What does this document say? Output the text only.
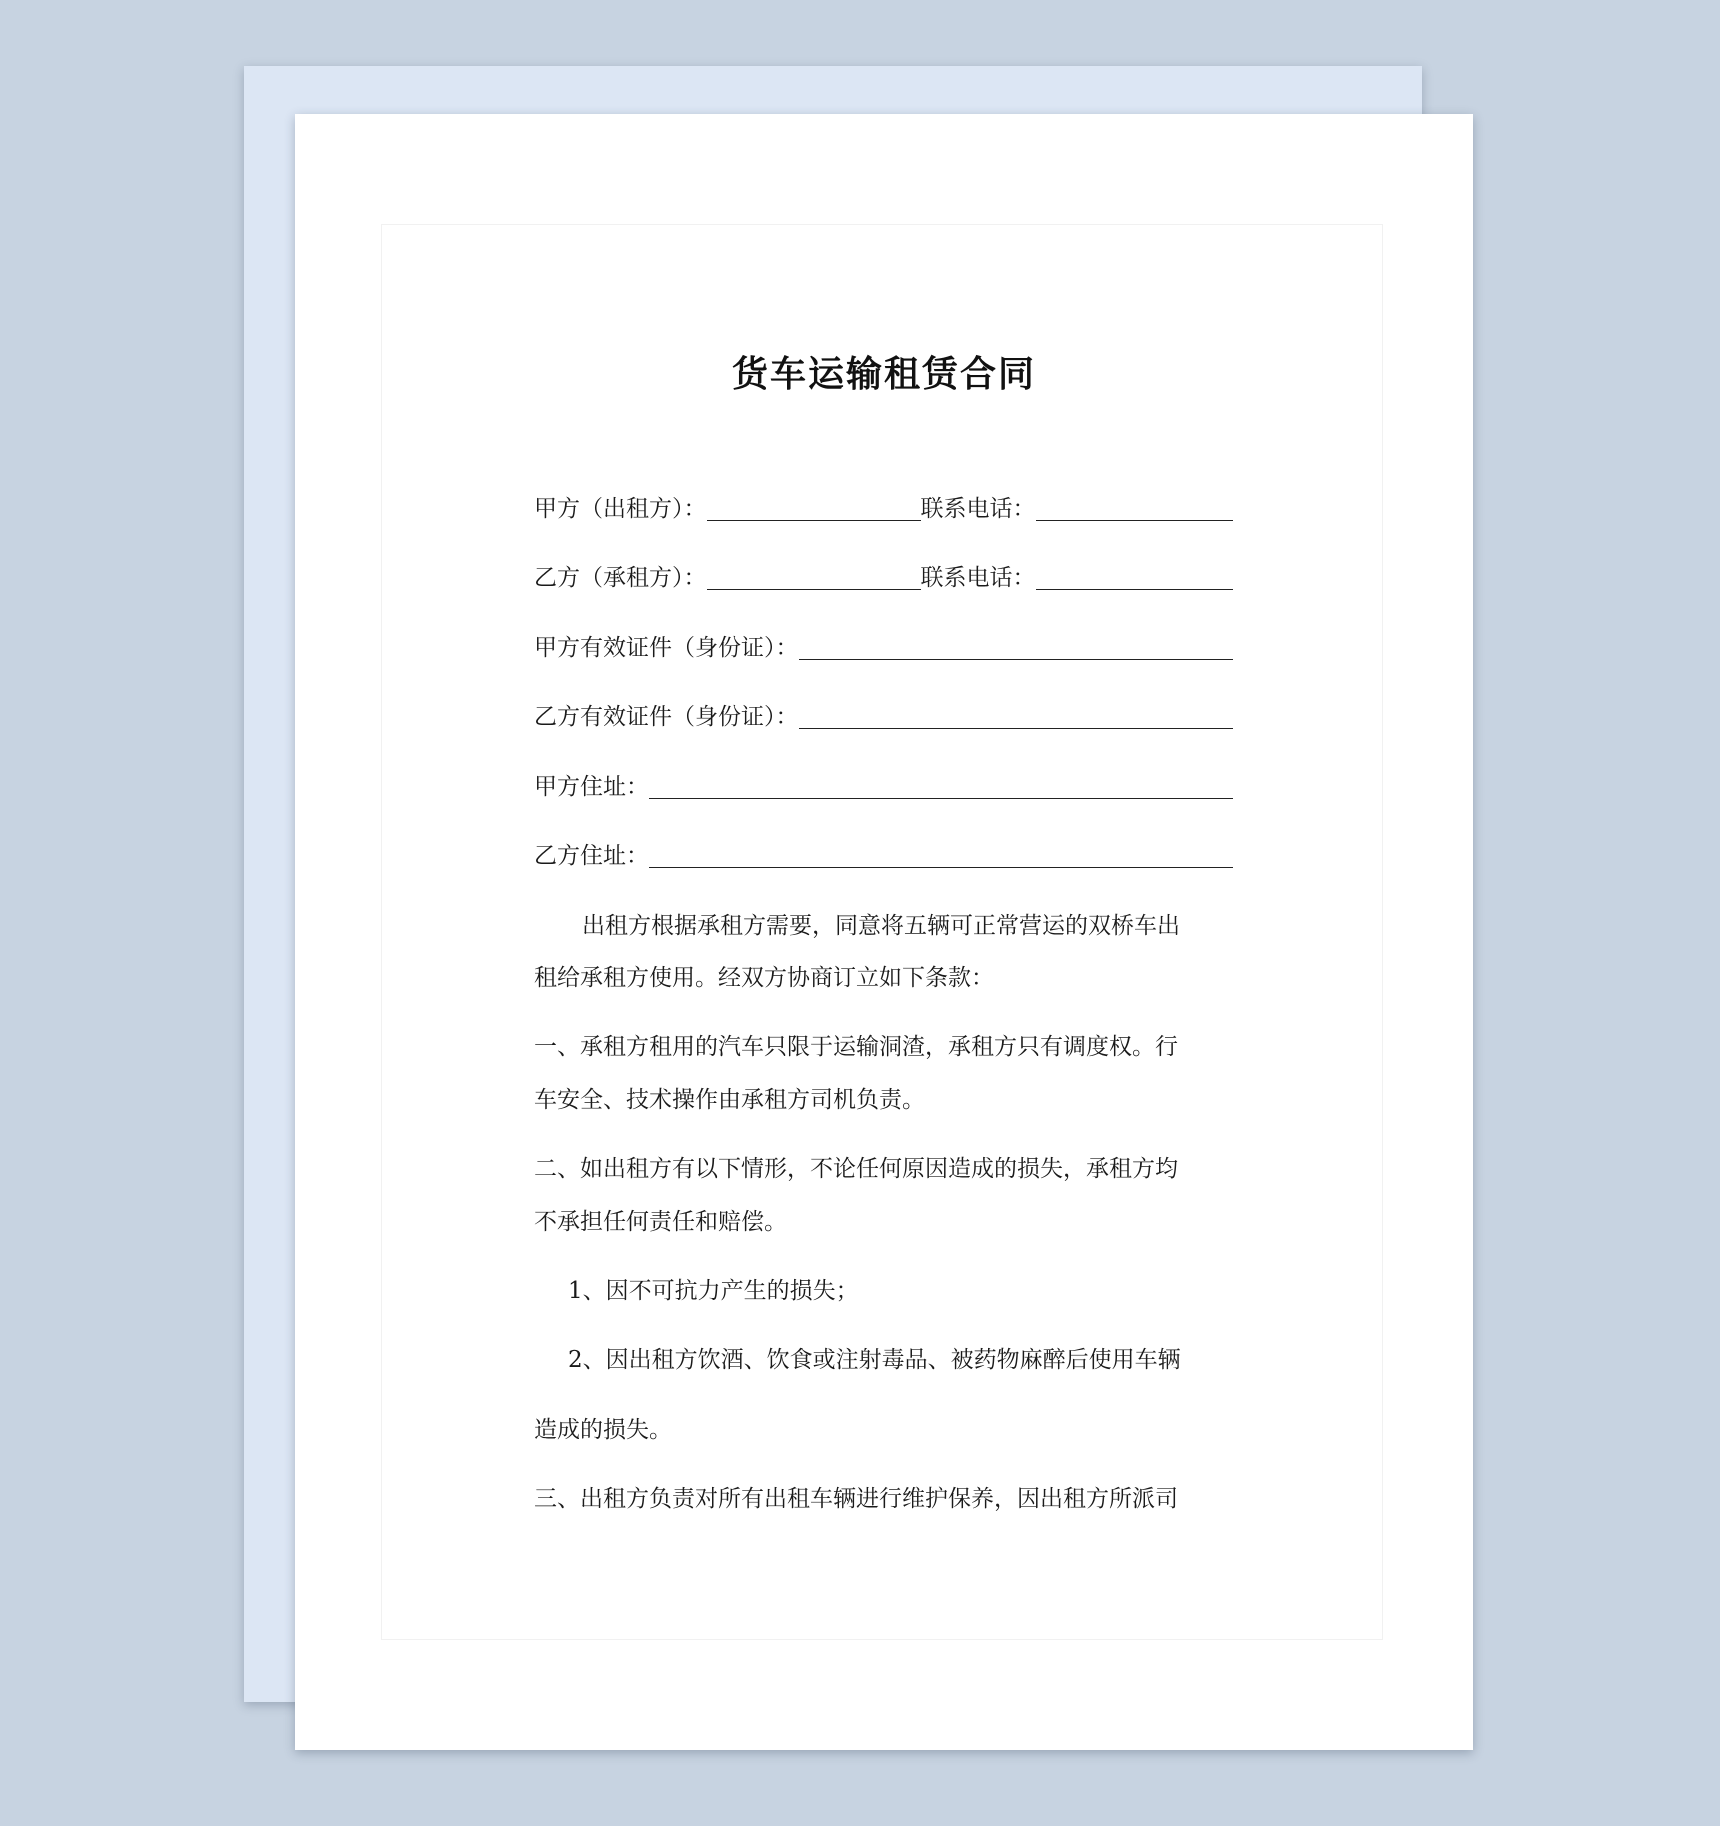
货车运输租赁合同
甲方（出租方）：	联系电话：
乙方（承租方）：	联系电话：
甲方有效证件（身份证）：
乙方有效证件（身份证）：
甲方住址：
乙方住址：
出租方根据承租方需要，同意将五辆可正常营运的双桥车出
租给承租方使用。经双方协商订立如下条款：
一、承租方租用的汽车只限于运输洞渣，承租方只有调度权。行
车安全、技术操作由承租方司机负责。
二、如出租方有以下情形，不论任何原因造成的损失，承租方均
不承担任何责任和赔偿。
1、因不可抗力产生的损失；
2、因出租方饮酒、饮食或注射毒品、被药物麻醉后使用车辆
造成的损失。
三、出租方负责对所有出租车辆进行维护保养，因出租方所派司
